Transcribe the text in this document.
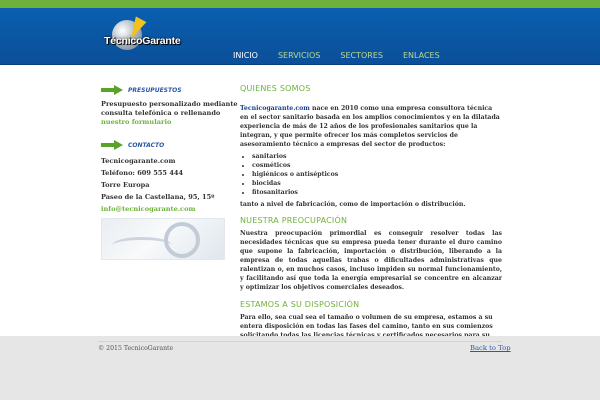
TécnicoGarante
INICIO	SERVICIOS	SECTORES	ENLACES
PRESUPUESTOS
Presupuesto personalizado mediante consulta telefónica o rellenando nuestro formulario
CONTACTO
Tecnicogarante.com
Teléfono: 609 555 444
Torre Europa
Paseo de la Castellana, 95, 15º
info@tecnicogarante.com
QUIENES SOMOS

Tecnicogarante.com nace en 2010 como una empresa consultora técnica en el sector sanitario basada en los amplios conocimientos y en la dilatada experiencia de más de 12 años de los profesionales sanitarios que la integran, y que permite ofrecer los más completos servicios de asesoramiento técnico a empresas del sector de productos:

• sanitarios
• cosméticos
• higiénicos o antisépticos
• biocidas
• fitosanitarios

tanto a nivel de fabricación, como de importación o distribución.

NUESTRA PREOCUPACIÓN

Nuestra preocupación primordial es conseguir resolver todas las necesidades técnicas que su empresa pueda tener durante el duro camino que supone la fabricación, importación o distribución, liberando a la empresa de todas aquellas trabas o dificultades administrativas que ralentizan o, en muchos casos, incluso impiden su normal funcionamiento, y facilitando así que toda la energía empresarial se concentre en alcanzar y optimizar los objetivos comerciales deseados.

ESTAMOS A SU DISPOSICIÓN

Para ello, sea cual sea el tamaño o volumen de su empresa, estamos a su entera disposición en todas las fases del camino, tanto en sus comienzos

© 2015 TecnicoGarante	Back to Top
